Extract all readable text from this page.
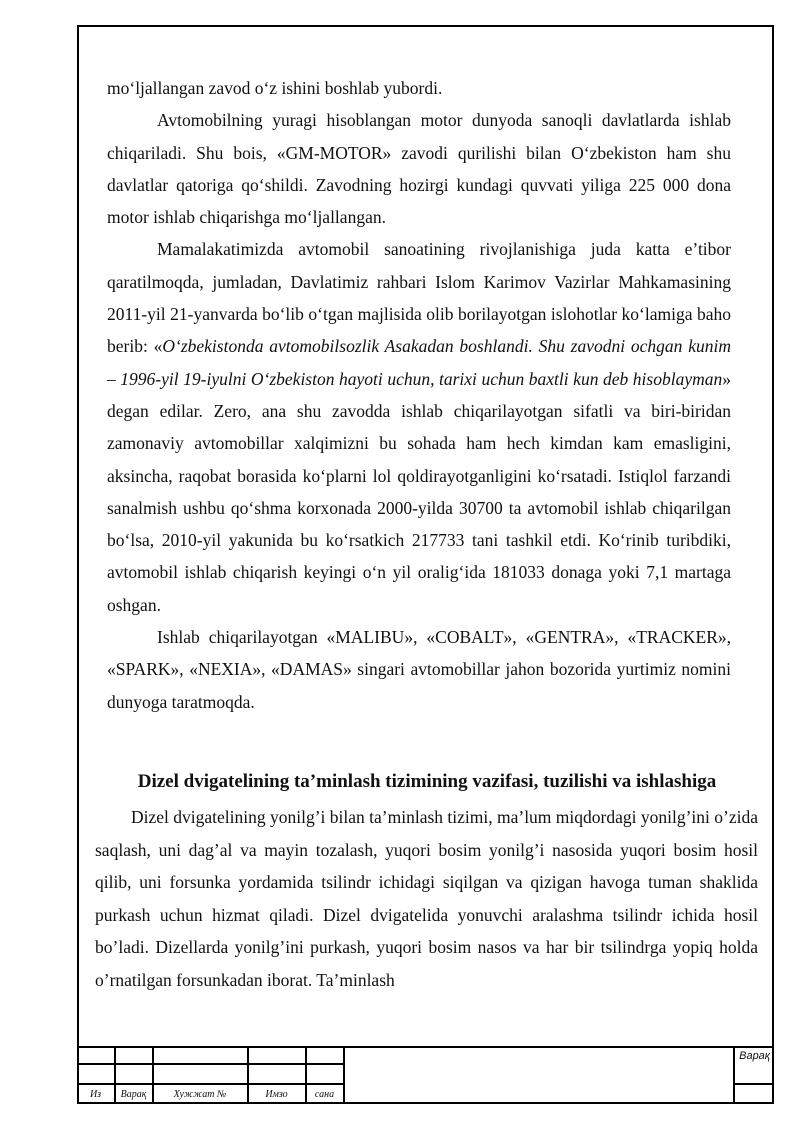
moʻljallangan zavod oʻz ishini boshlab yubordi.

Avtomobilning yuragi hisoblangan motor dunyoda sanoqli davlatlarda ishlab chiqariladi. Shu bois, «GM-MOTOR» zavodi qurilishi bilan Oʻzbekiston ham shu davlatlar qatoriga qoʻshildi. Zavodning hozirgi kundagi quvvati yiliga 225 000 dona motor ishlab chiqarishga moʻljallangan.

Mamalakatimizda avtomobil sanoatining rivojlanishiga juda katta e’tibor qaratilmoqda, jumladan, Davlatimiz rahbari Islom Karimov Vazirlar Mahkamasining 2011-yil 21-yanvarda boʻlib oʻtgan majlisida olib borilayotgan islohotlar koʻlamiga baho berib: «Oʻzbekistonda avtomobilsozlik Asakadan boshlandi. Shu zavodni ochgan kunim – 1996-yil 19-iyulni Oʻzbekiston hayoti uchun, tarixi uchun baxtli kun deb hisoblayman» degan edilar. Zero, ana shu zavodda ishlab chiqarilayotgan sifatli va biri-biridan zamonaviy avtomobillar xalqimizni bu sohada ham hech kimdan kam emasligini, aksincha, raqobat borasida koʻplarni lol qoldirayotganligini koʻrsatadi. Istiqlol farzandi sanalmish ushbu qoʻshma korxonada 2000-yilda 30700 ta avtomobil ishlab chiqarilgan boʻlsa, 2010-yil yakunida bu koʻrsatkich 217733 tani tashkil etdi. Koʻrinib turibdiki, avtomobil ishlab chiqarish keyingi oʻn yil oraligʻida 181033 donaga yoki 7,1 martaga oshgan.

Ishlab chiqarilayotgan «MALIBU», «COBALT», «GENTRA», «TRACKER», «SPARK», «NEXIA», «DAMAS» singari avtomobillar jahon bozorida yurtimiz nomini dunyoga taratmoqda.

Dizel dvigatelining ta’minlash tizimining vazifasi, tuzilishi va ishlashiga

Dizel dvigatelining yonilg’i bilan ta’minlash tizimi, ma’lum miqdordagi yonilg’ini o’zida saqlash, uni dag’al va mayin tozalash, yuqori bosim yonilg’i nasosida yuqori bosim hosil qilib, uni forsunka yordamida tsilindr ichidagi siqilgan va qizigan havoga tuman shaklida purkash uchun hizmat qiladi. Dizel dvigatelida yonuvchi aralashma tsilindr ichida hosil bo’ladi. Dizellarda yonilg’ini purkash, yuqori bosim nasos va har bir tsilindrga yopiq holda o’rnatilgan forsunkadan iborat. Ta’minlash

Из	Варақ	Хужжат №	Имзо	сана
Варақ
